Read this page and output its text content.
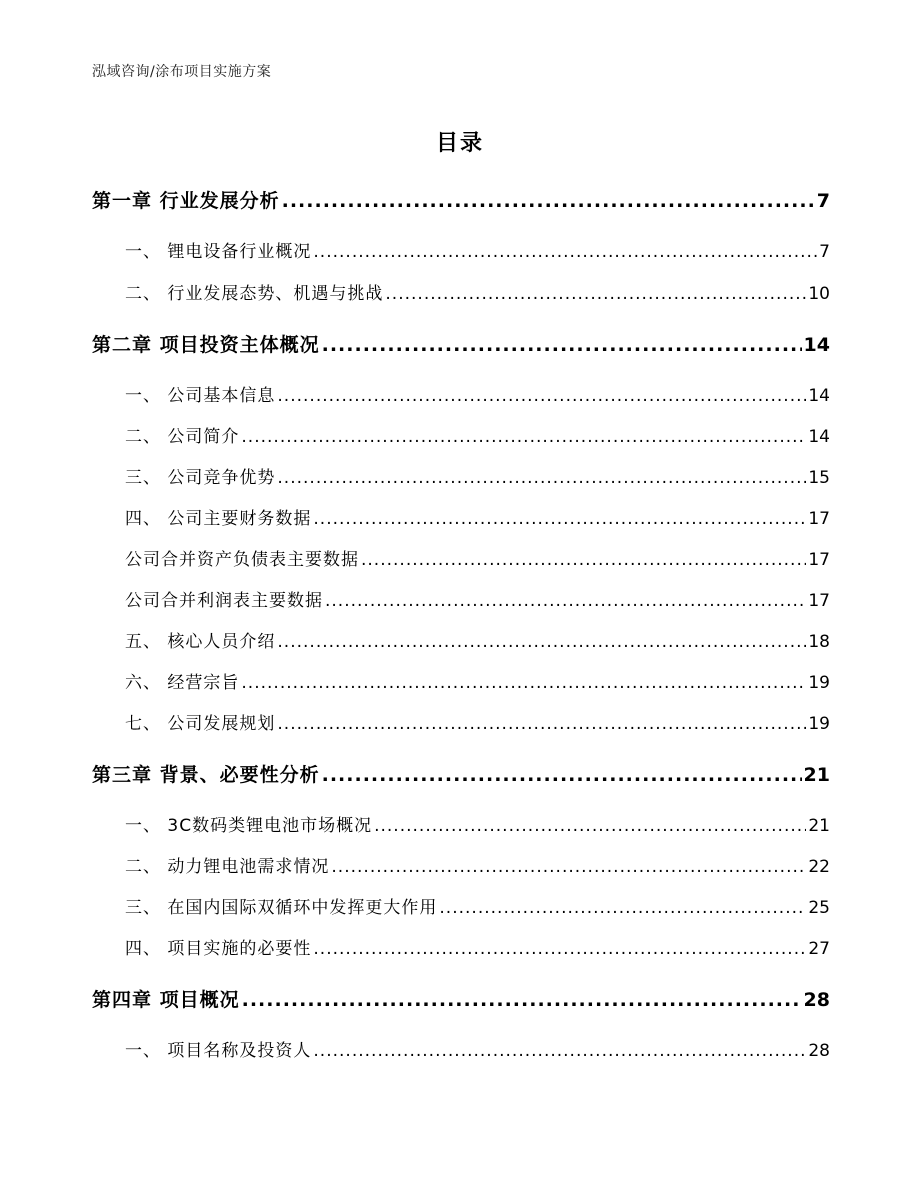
泓域咨询/涂布项目实施方案
目录
第一章 行业发展分析 .....	7
一、 锂电设备行业概况 .....	7
二、 行业发展态势、机遇与挑战 .....	10
第二章 项目投资主体概况 .....	14
一、 公司基本信息 .....	14
二、 公司简介 .....	14
三、 公司竞争优势 .....	15
四、 公司主要财务数据 .....	17
公司合并资产负债表主要数据 .....	17
公司合并利润表主要数据 .....	17
五、 核心人员介绍 .....	18
六、 经营宗旨 .....	19
七、 公司发展规划 .....	19
第三章 背景、必要性分析 .....	21
一、 3C数码类锂电池市场概况 .....	21
二、 动力锂电池需求情况 .....	22
三、 在国内国际双循环中发挥更大作用 .....	25
四、 项目实施的必要性 .....	27
第四章 项目概况 .....	28
一、 项目名称及投资人 .....	28
